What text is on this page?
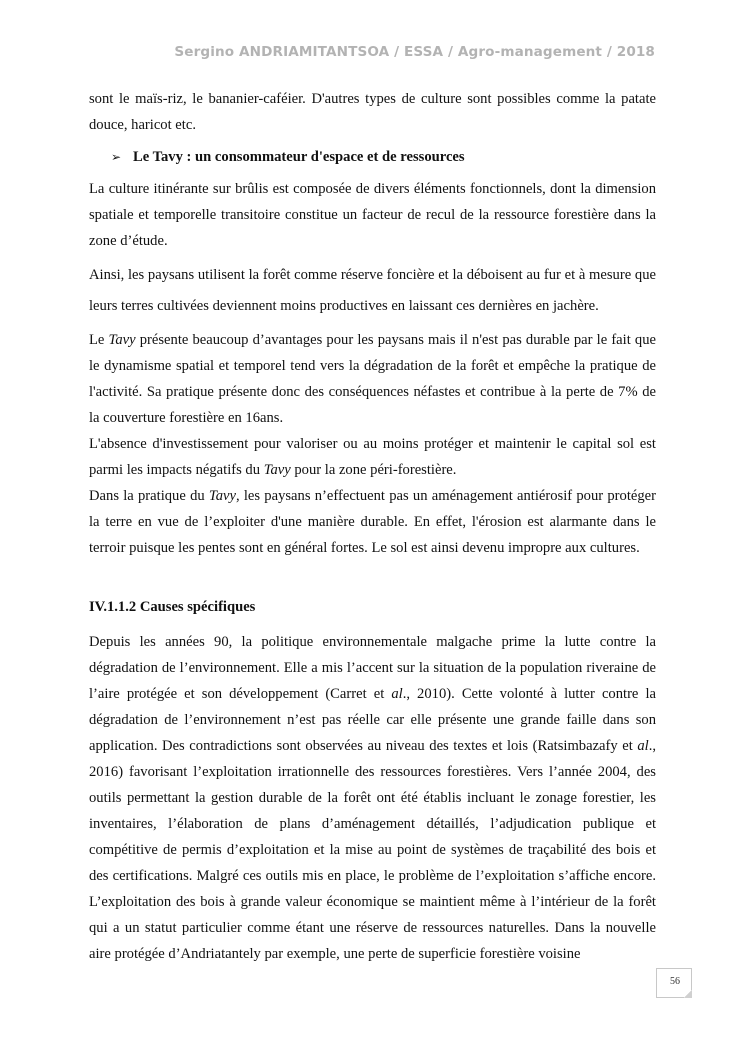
Sergino ANDRIAMITANTSOA / ESSA / Agro-management / 2018

sont le maïs-riz, le bananier-caféier. D'autres types de culture sont possibles comme la patate

douce, haricot etc.

➢ Le Tavy : un consommateur d'espace et de ressources

La culture itinérante sur brûlis est composée de divers éléments fonctionnels, dont la dimension spatiale et temporelle transitoire constitue un facteur de recul de la ressource forestière dans la zone d’étude.

Ainsi, les paysans utilisent la forêt comme réserve foncière et la déboisent au fur et à mesure que leurs terres cultivées deviennent moins productives en laissant ces dernières en jachère.

Le Tavy présente beaucoup d’avantages pour les paysans mais il n'est pas durable par le fait que le dynamisme spatial et temporel tend vers la dégradation de la forêt et empêche la pratique de l'activité. Sa pratique présente donc des conséquences néfastes et contribue à la perte de 7% de la couverture forestière en 16ans.

L'absence d'investissement pour valoriser ou au moins protéger et maintenir le capital sol est parmi les impacts négatifs du Tavy pour la zone péri-forestière.

Dans la pratique du Tavy, les paysans n’effectuent pas un aménagement antiérosif pour protéger la terre en vue de l’exploiter d'une manière durable. En effet, l'érosion est alarmante dans le terroir puisque les pentes sont en général fortes. Le sol est ainsi devenu impropre aux cultures.

IV.1.1.2 Causes spécifiques

Depuis les années 90, la politique environnementale malgache prime la lutte contre la dégradation de l’environnement. Elle a mis l’accent sur la situation de la population riveraine de l’aire protégée et son développement (Carret et al., 2010). Cette volonté à lutter contre la dégradation de l’environnement n’est pas réelle car elle présente une grande faille dans son application. Des contradictions sont observées au niveau des textes et lois (Ratsimbazafy et al., 2016) favorisant l’exploitation irrationnelle des ressources forestières. Vers l’année 2004, des outils permettant la gestion durable de la forêt ont été établis incluant le zonage forestier, les inventaires, l’élaboration de plans d’aménagement détaillés, l’adjudication publique et compétitive de permis d’exploitation et la mise au point de systèmes de traçabilité des bois et des certifications. Malgré ces outils mis en place, le problème de l’exploitation s’affiche encore. L’exploitation des bois à grande valeur économique se maintient même à l’intérieur de la forêt qui a un statut particulier comme étant une réserve de ressources naturelles. Dans la nouvelle aire protégée d’Andriatantely par exemple, une perte de superficie forestière voisine

56
